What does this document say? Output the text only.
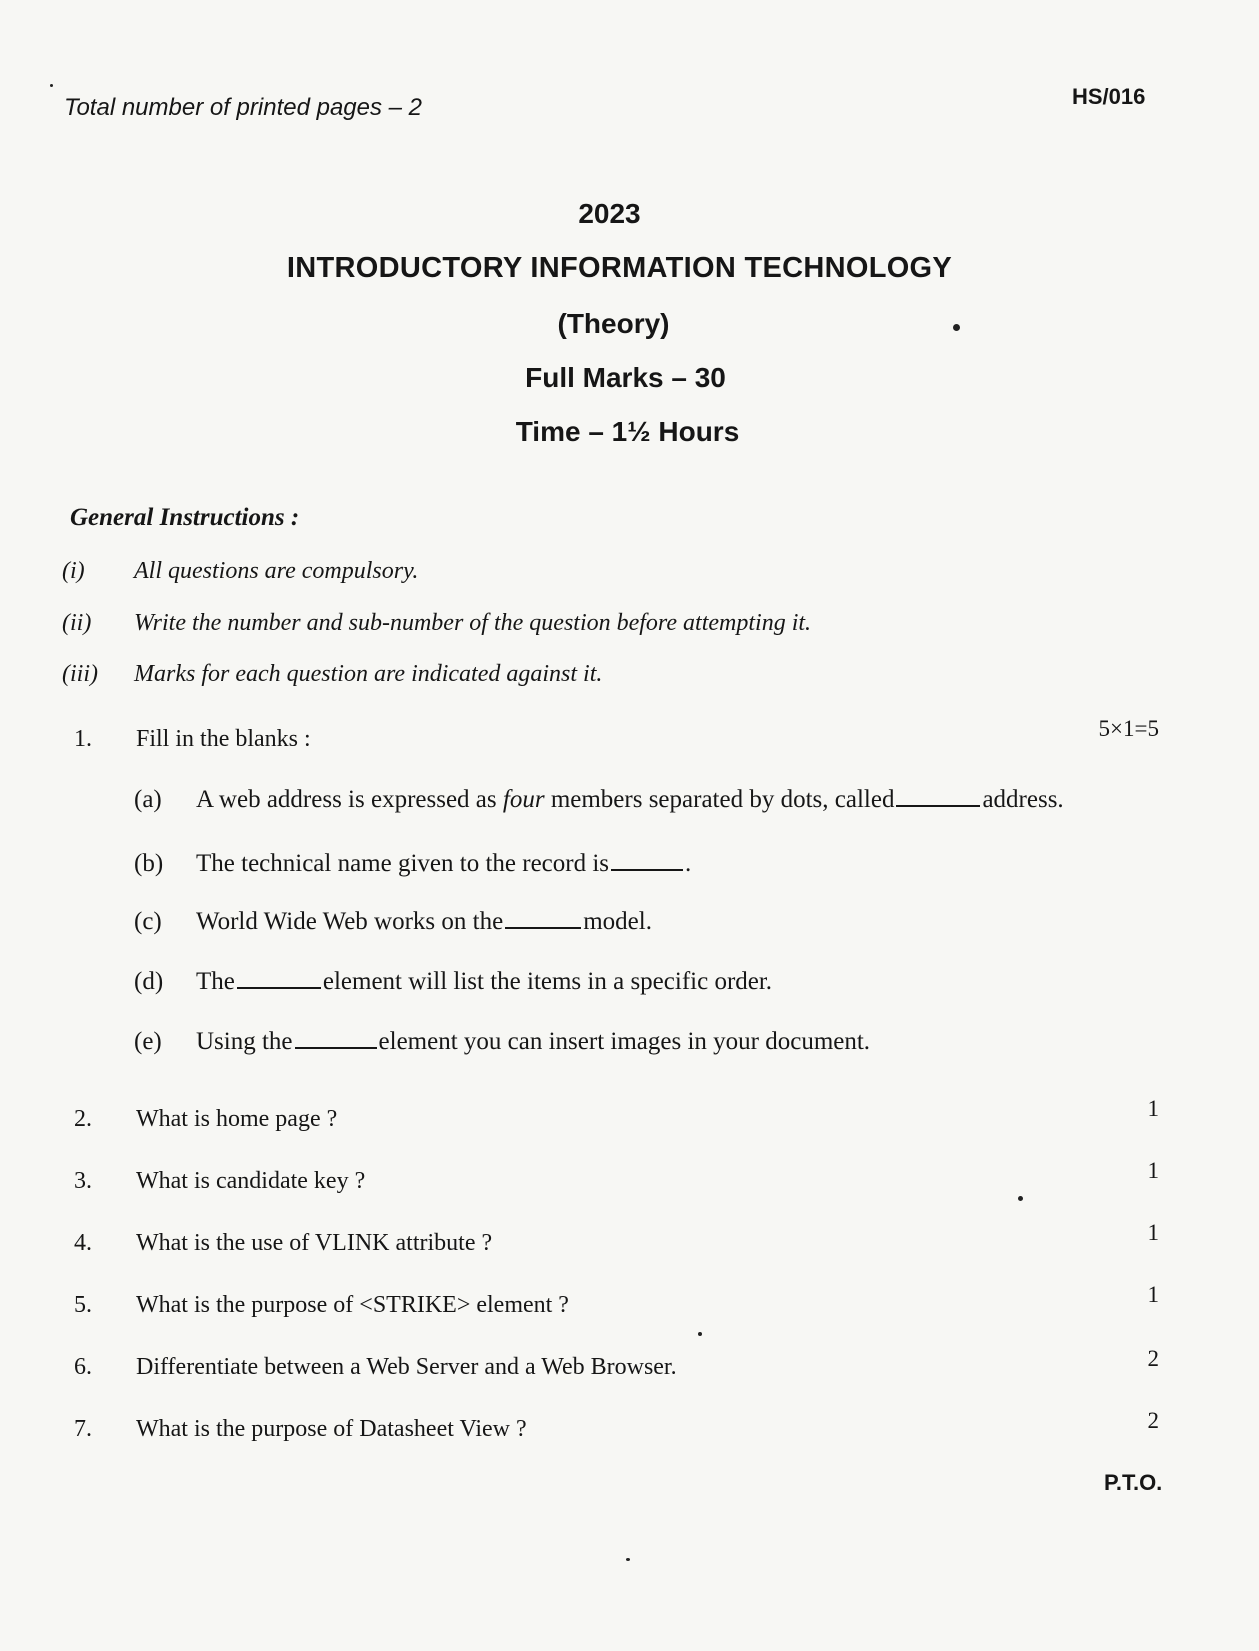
Total number of printed pages – 2	HS/016
2023
INTRODUCTORY INFORMATION TECHNOLOGY
(Theory)
Full Marks – 30
Time – 1½ Hours
General Instructions :
(i) All questions are compulsory.
(ii) Write the number and sub-number of the question before attempting it.
(iii) Marks for each question are indicated against it.
1.	Fill in the blanks :	5×1=5
(a) A web address is expressed as four members separated by dots, called	address.
(b) The technical name given to the record is	.
(c) World Wide Web works on the	model.
(d) The	element will list the items in a specific order.
(e) Using the	element you can insert images in your document.
2.	What is home page ?	1
3.	What is candidate key ?	1
4.	What is the use of VLINK attribute ?	1
5.	What is the purpose of <STRIKE> element ?	1
6.	Differentiate between a Web Server and a Web Browser.	2
7.	What is the purpose of Datasheet View ?	2
P.T.O.
